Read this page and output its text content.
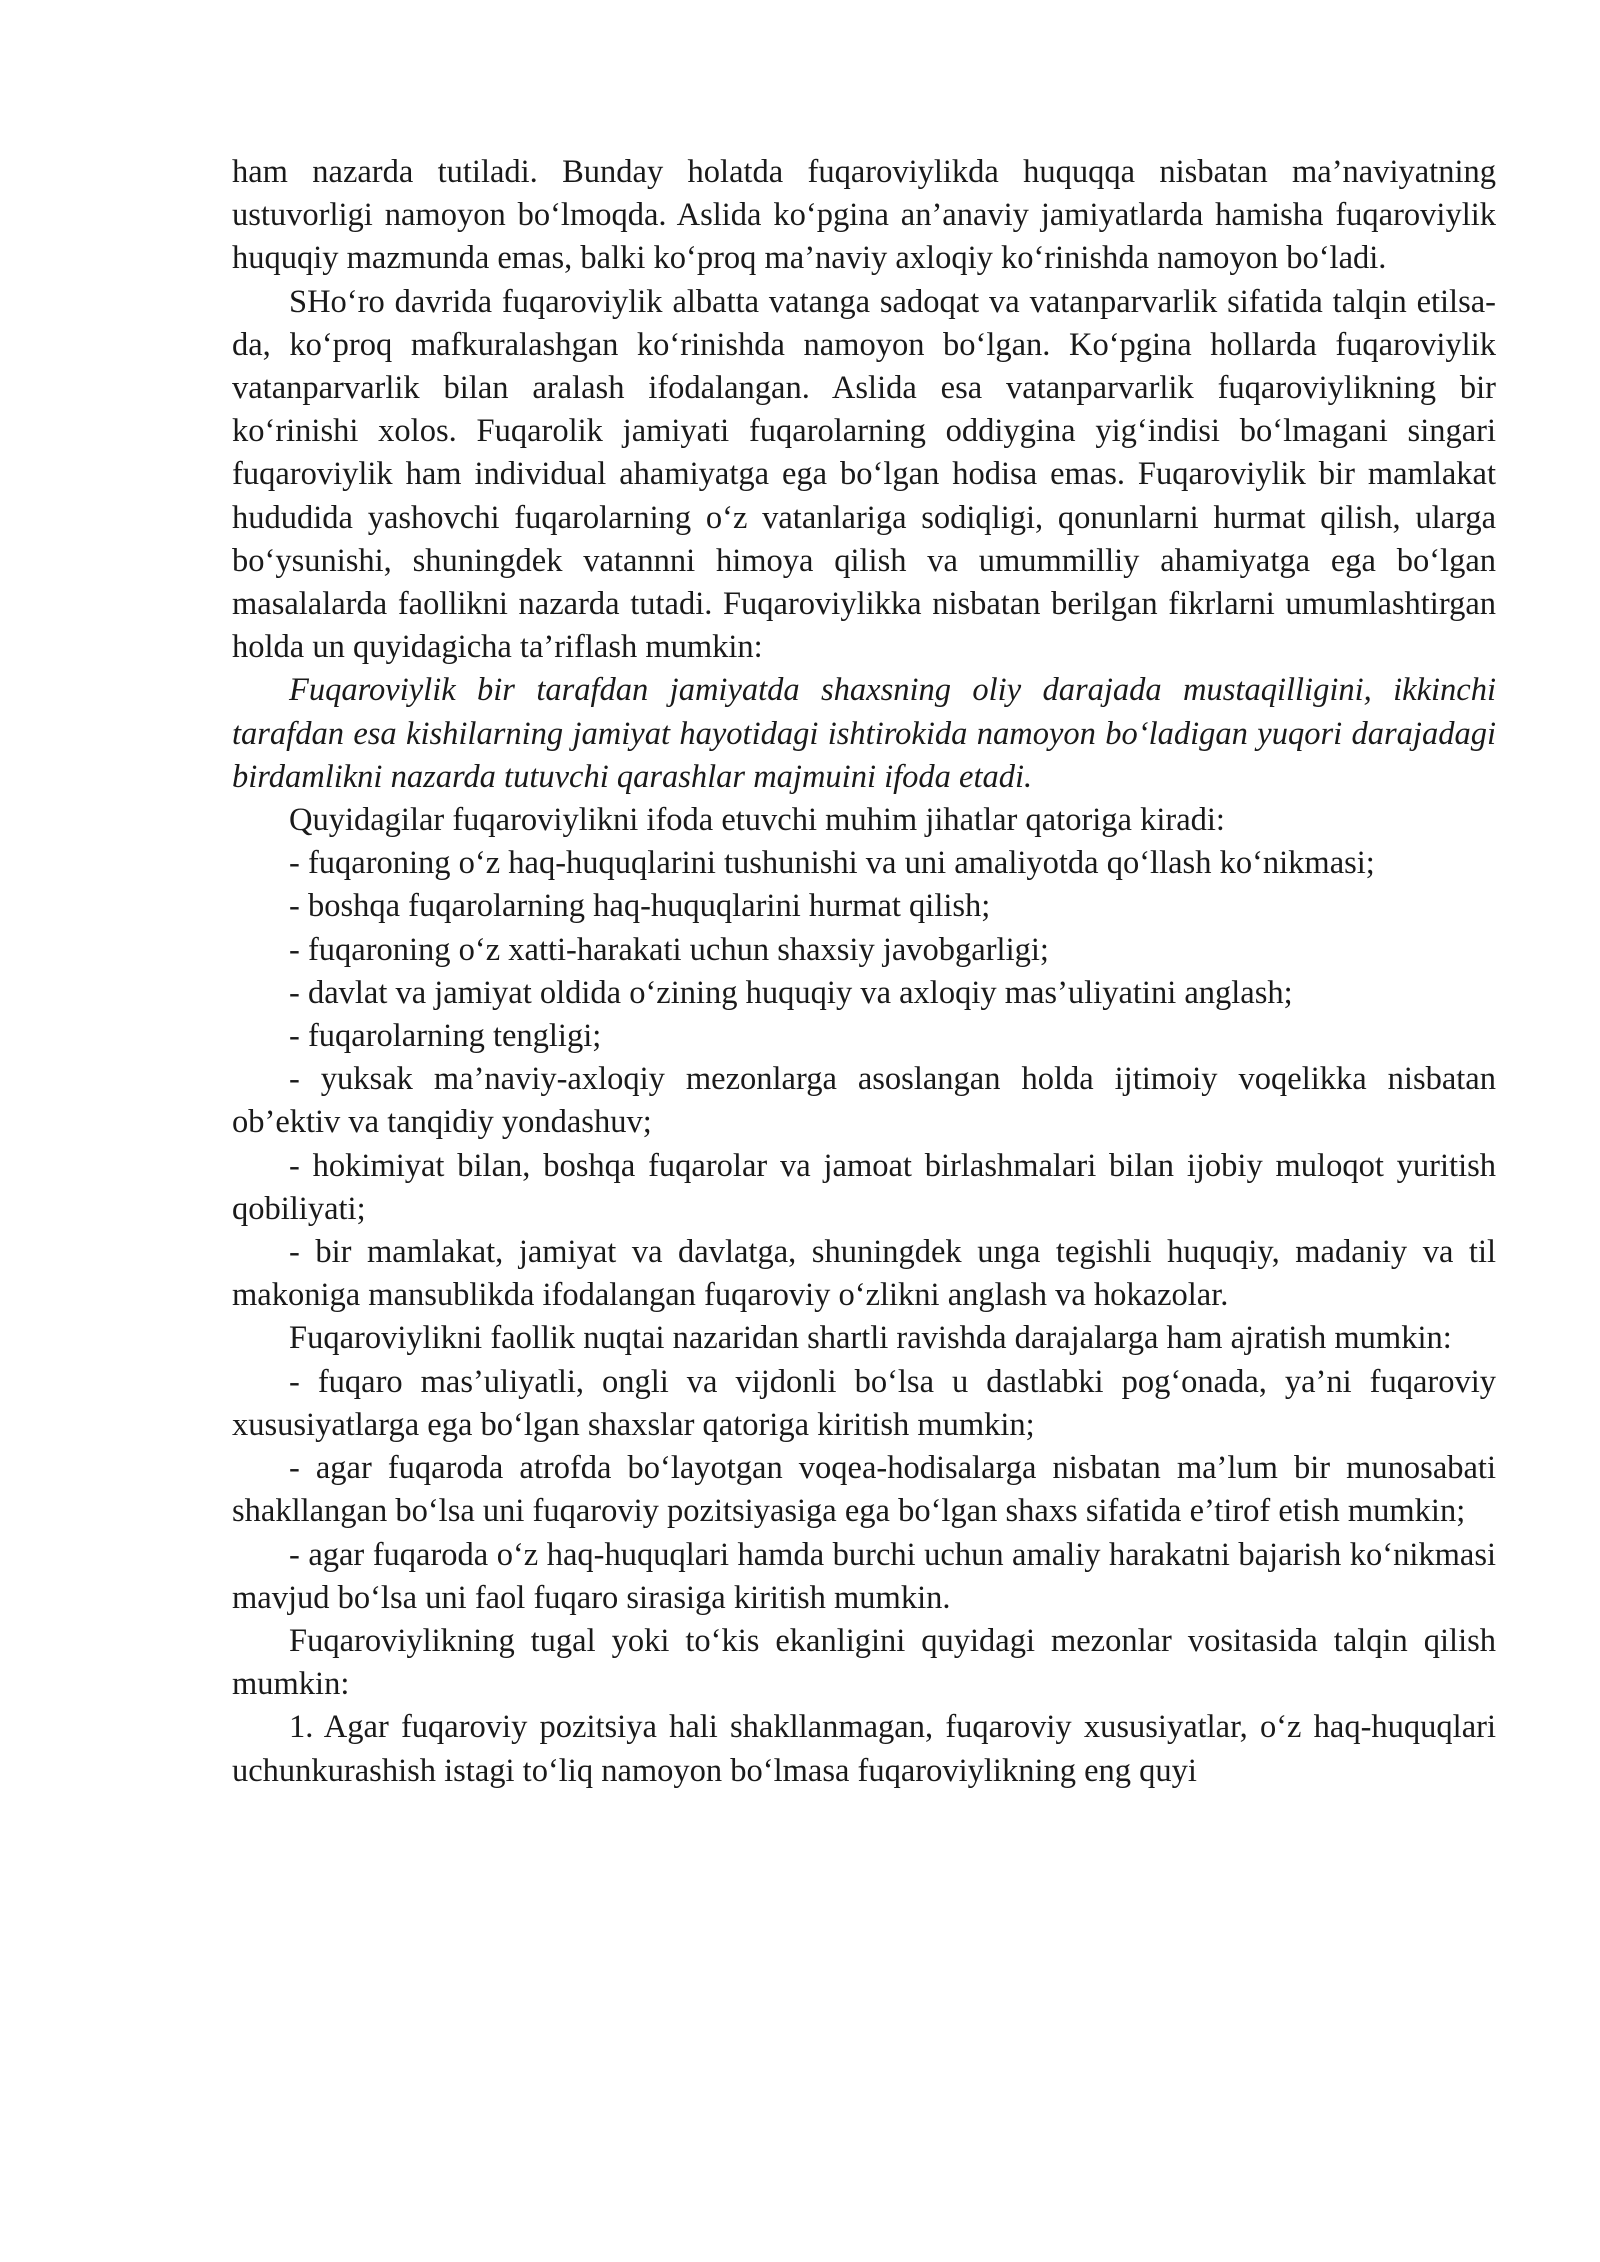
ham nazarda tutiladi. Bunday holatda fuqaroviylikda huquqqa nisbatan ma’naviyatning ustuvorligi namoyon bo‘lmoqda. Aslida ko‘pgina an’anaviy jamiyatlarda hamisha fuqaroviylik huquqiy mazmunda emas, balki ko‘proq ma’naviy axloqiy ko‘rinishda namoyon bo‘ladi.

SHo‘ro davrida fuqaroviylik albatta vatanga sadoqat va vatanparvarlik sifatida talqin etilsa-da, ko‘proq mafkuralashgan ko‘rinishda namoyon bo‘lgan. Ko‘pgina hollarda fuqaroviylik vatanparvarlik bilan aralash ifodalangan. Aslida esa vatanparvarlik fuqaroviylikning bir ko‘rinishi xolos. Fuqarolik jamiyati fuqarolarning oddiygina yig‘indisi bo‘lmagani singari fuqaroviylik ham individual ahamiyatga ega bo‘lgan hodisa emas. Fuqaroviylik bir mamlakat hududida yashovchi fuqarolarning o‘z vatanlariga sodiqligi, qonunlarni hurmat qilish, ularga bo‘ysunishi, shuningdek vatannni himoya qilish va umummilliy ahamiyatga ega bo‘lgan masalalarda faollikni nazarda tutadi. Fuqaroviylikka nisbatan berilgan fikrlarni umumlashtirgan holda un quyidagicha ta’riflash mumkin:

Fuqaroviylik bir tarafdan jamiyatda shaxsning oliy darajada mustaqilligini, ikkinchi tarafdan esa kishilarning jamiyat hayotidagi ishtirokida namoyon bo‘ladigan yuqori darajadagi birdamlikni nazarda tutuvchi qarashlar majmuini ifoda etadi.

Quyidagilar fuqaroviylikni ifoda etuvchi muhim jihatlar qatoriga kiradi:

- fuqaroning o‘z haq-huquqlarini tushunishi va uni amaliyotda qo‘llash ko‘nikmasi;

- boshqa fuqarolarning haq-huquqlarini hurmat qilish;

- fuqaroning o‘z xatti-harakati uchun shaxsiy javobgarligi;

- davlat va jamiyat oldida o‘zining huquqiy va axloqiy mas’uliyatini anglash;

- fuqarolarning tengligi;

- yuksak ma’naviy-axloqiy mezonlarga asoslangan holda ijtimoiy voqelikka nisbatan ob’ektiv va tanqidiy yondashuv;

- hokimiyat bilan, boshqa fuqarolar va jamoat birlashmalari bilan ijobiy muloqot yuritish qobiliyati;

- bir mamlakat, jamiyat va davlatga, shuningdek unga tegishli huquqiy, madaniy va til makoniga mansublikda ifodalangan fuqaroviy o‘zlikni anglash va hokazolar.

Fuqaroviylikni faollik nuqtai nazaridan shartli ravishda darajalarga ham ajratish mumkin:

- fuqaro mas’uliyatli, ongli va vijdonli bo‘lsa u dastlabki pog‘onada, ya’ni fuqaroviy xususiyatlarga ega bo‘lgan shaxslar qatoriga kiritish mumkin;

- agar fuqaroda atrofda bo‘layotgan voqea-hodisalarga nisbatan ma’lum bir munosabati shakllangan bo‘lsa uni fuqaroviy pozitsiyasiga ega bo‘lgan shaxs sifatida e’tirof etish mumkin;

- agar fuqaroda o‘z haq-huquqlari hamda burchi uchun amaliy harakatni bajarish ko‘nikmasi mavjud bo‘lsa uni faol fuqaro sirasiga kiritish mumkin.

Fuqaroviylikning tugal yoki to‘kis ekanligini quyidagi mezonlar vositasida talqin qilish mumkin:

1. Agar fuqaroviy pozitsiya hali shakllanmagan, fuqaroviy xususiyatlar, o‘z haq-huquqlari uchunkurashish istagi to‘liq namoyon bo‘lmasa fuqaroviylikning eng quyi
